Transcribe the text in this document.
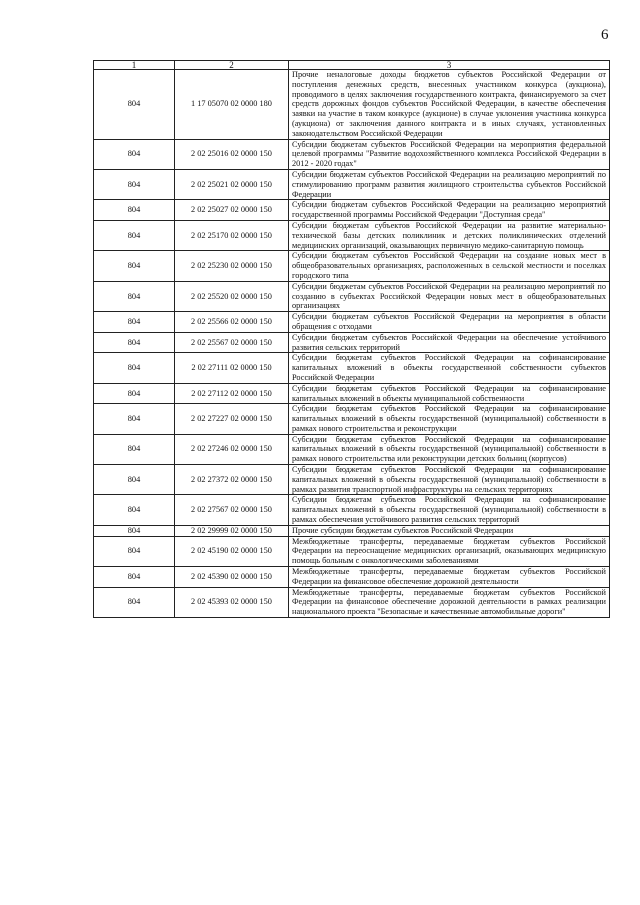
6
1	2	3
804	1 17 05070 02 0000 180	Прочие неналоговые доходы бюджетов субъектов Российской Федерации от поступления денежных средств, внесенных участником конкурса (аукциона), проводимого в целях заключения государственного контракта, финансируемого за счет средств дорожных фондов субъектов Российской Федерации, в качестве обеспечения заявки на участие в таком конкурсе (аукционе) в случае уклонения участника конкурса (аукциона) от заключения данного контракта и в иных случаях, установленных законодательством Российской Федерации
804	2 02 25016 02 0000 150	Субсидии бюджетам субъектов Российской Федерации на мероприятия федеральной целевой программы "Развитие водохозяйственного комплекса Российской Федерации в 2012 - 2020 годах"
804	2 02 25021 02 0000 150	Субсидии бюджетам субъектов Российской Федерации на реализацию мероприятий по стимулированию программ развития жилищного строительства субъектов Российской Федерации
804	2 02 25027 02 0000 150	Субсидии бюджетам субъектов Российской Федерации на реализацию мероприятий государственной программы Российской Федерации "Доступная среда"
804	2 02 25170 02 0000 150	Субсидии бюджетам субъектов Российской Федерации на развитие материально-технической базы детских поликлиник и детских поликлинических отделений медицинских организаций, оказывающих первичную медико-санитарную помощь
804	2 02 25230 02 0000 150	Субсидии бюджетам субъектов Российской Федерации на создание новых мест в общеобразовательных организациях, расположенных в сельской местности и поселках городского типа
804	2 02 25520 02 0000 150	Субсидии бюджетам субъектов Российской Федерации на реализацию мероприятий по созданию в субъектах Российской Федерации новых мест в общеобразовательных организациях
804	2 02 25566 02 0000 150	Субсидии бюджетам субъектов Российской Федерации на мероприятия в области обращения с отходами
804	2 02 25567 02 0000 150	Субсидии бюджетам субъектов Российской Федерации на обеспечение устойчивого развития сельских территорий
804	2 02 27111 02 0000 150	Субсидии бюджетам субъектов Российской Федерации на софинансирование капитальных вложений в объекты государственной собственности субъектов Российской Федерации
804	2 02 27112 02 0000 150	Субсидии бюджетам субъектов Российской Федерации на софинансирование капитальных вложений в объекты муниципальной собственности
804	2 02 27227 02 0000 150	Субсидии бюджетам субъектов Российской Федерации на софинансирование капитальных вложений в объекты государственной (муниципальной) собственности в рамках нового строительства и реконструкции
804	2 02 27246 02 0000 150	Субсидии бюджетам субъектов Российской Федерации на софинансирование капитальных вложений в объекты государственной (муниципальной) собственности в рамках нового строительства или реконструкции детских больниц (корпусов)
804	2 02 27372 02 0000 150	Субсидии бюджетам субъектов Российской Федерации на софинансирование капитальных вложений в объекты государственной (муниципальной) собственности в рамках развития транспортной инфраструктуры на сельских территориях
804	2 02 27567 02 0000 150	Субсидии бюджетам субъектов Российской Федерации на софинансирование капитальных вложений в объекты государственной (муниципальной) собственности в рамках обеспечения устойчивого развития сельских территорий
804	2 02 29999 02 0000 150	Прочие субсидии бюджетам субъектов Российской Федерации
804	2 02 45190 02 0000 150	Межбюджетные трансферты, передаваемые бюджетам субъектов Российской Федерации на переоснащение медицинских организаций, оказывающих медицинскую помощь больным с онкологическими заболеваниями
804	2 02 45390 02 0000 150	Межбюджетные трансферты, передаваемые бюджетам субъектов Российской Федерации на финансовое обеспечение дорожной деятельности
804	2 02 45393 02 0000 150	Межбюджетные трансферты, передаваемые бюджетам субъектов Российской Федерации на финансовое обеспечение дорожной деятельности в рамках реализации национального проекта "Безопасные и качественные автомобильные дороги"
